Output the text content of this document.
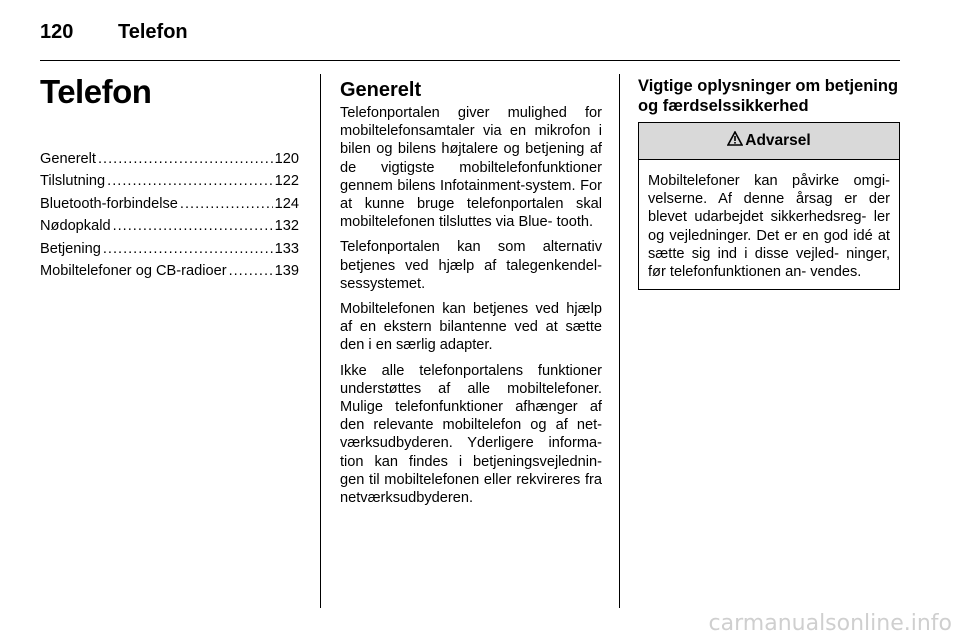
120	Telefon
Telefon
Generelt .....	120
Tilslutning .....	122
Bluetooth-forbindelse .....	124
Nødopkald .....	132
Betjening .....	133
Mobiltelefoner og CB-radioer .....	139
Generelt

Telefonportalen giver mulighed for mobiltelefonsamtaler via en mikrofon i bilen og bilens højtalere og betjening af de vigtigste mobiltelefonfunktioner gennem bilens Infotainment-system. For at kunne bruge telefonportalen skal mobiltelefonen tilsluttes via Blue- tooth.

Telefonportalen kan som alternativ betjenes ved hjælp af talegenkendel- sessystemet.

Mobiltelefonen kan betjenes ved hjælp af en ekstern bilantenne ved at sætte den i en særlig adapter.

Ikke alle telefonportalens funktioner understøttes af alle mobiltelefoner. Mulige telefonfunktioner afhænger af den relevante mobiltelefon og af net- værksudbyderen. Yderligere informa- tion kan findes i betjeningsvejlednin- gen til mobiltelefonen eller rekvireres fra netværksudbyderen.

Vigtige oplysninger om betjening og færdselssikkerhed
Advarsel
Mobiltelefoner kan påvirke omgi- velserne. Af denne årsag er der blevet udarbejdet sikkerhedsreg- ler og vejledninger. Det er en god idé at sætte sig ind i disse vejled- ninger, før telefonfunktionen an- vendes.
carmanualsonline.info
